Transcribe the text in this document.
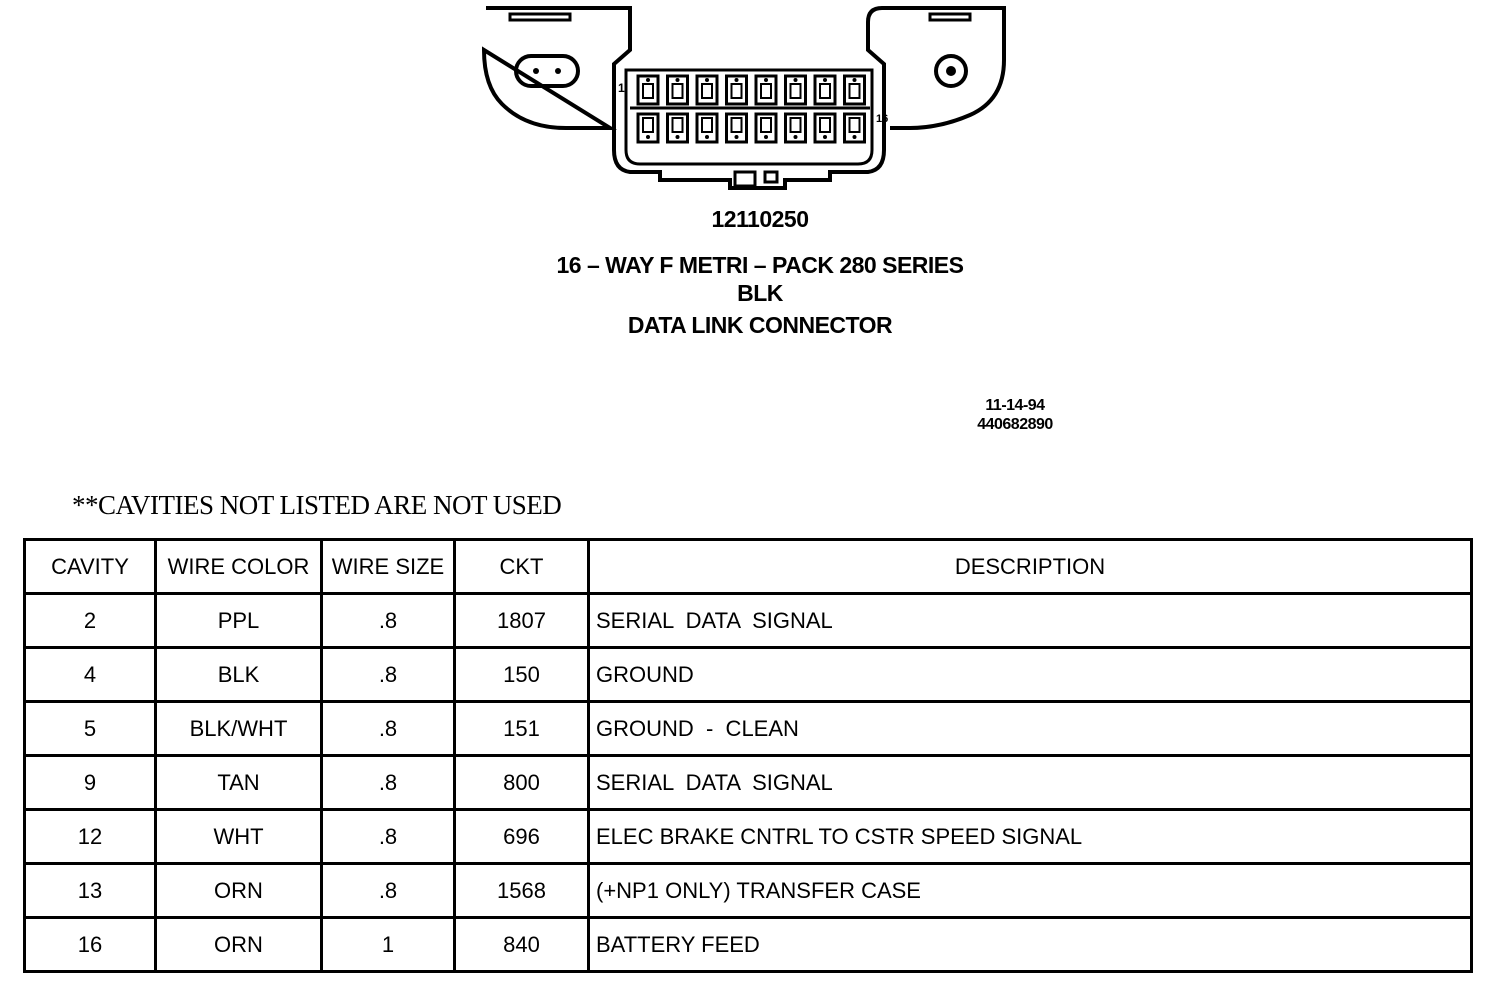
1
16
12110250
16 – WAY F METRI – PACK 280 SERIES
BLK
DATA LINK CONNECTOR
11-14-94
440682890
**CAVITIES NOT LISTED ARE NOT USED
CAVITY	WIRE COLOR	WIRE SIZE	CKT	DESCRIPTION
2	PPL	.8	1807	SERIAL  DATA  SIGNAL
4	BLK	.8	150	GROUND
5	BLK/WHT	.8	151	GROUND  -  CLEAN
9	TAN	.8	800	SERIAL  DATA  SIGNAL
12	WHT	.8	696	ELEC BRAKE CNTRL TO CSTR SPEED SIGNAL
13	ORN	.8	1568	(+NP1 ONLY) TRANSFER CASE
16	ORN	1	840	BATTERY FEED
